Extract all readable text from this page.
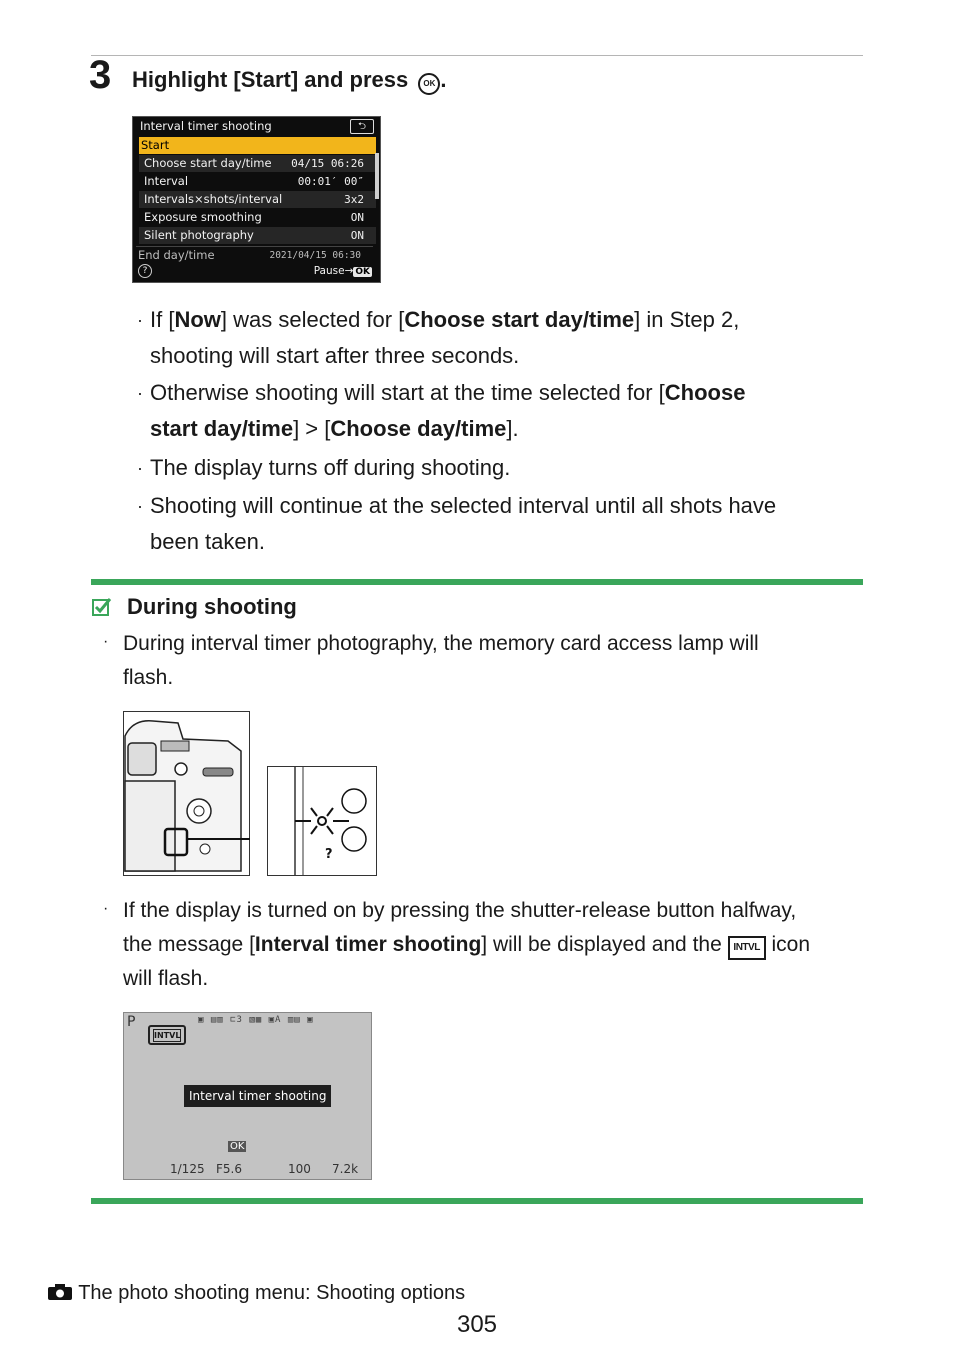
3 Highlight [Start] and press OK .
Interval timer shooting	⮌
Start
Choose start day/time 04/15 06:26
Interval	00:01′ 00″
Intervals×shots/interval	3x2
Exposure smoothing	ON
Silent photography	ON
End day/time	2021/04/15 06:30
?	Pause→ OK
· If [Now] was selected for [Choose start day/time] in Step 2,
shooting will start after three seconds.
· Otherwise shooting will start at the time selected for [Choose
start day/time] > [Choose day/time].
· The display turns off during shooting.
· Shooting will continue at the selected interval until all shots have
been taken.
During shooting
· During interval timer photography, the memory card access lamp will
flash.
?
· If the display is turned on by pressing the shutter-release button halfway,
the message [Interval timer shooting] will be displayed and the INTVL icon
will flash.
P
INTVL
▣ ▤▥ ⊏3 ▧▦ ▣A ▥▤ ▣
Interval timer shooting
OK
1/125 F5.6	100 7.2k
The photo shooting menu: Shooting options
305
